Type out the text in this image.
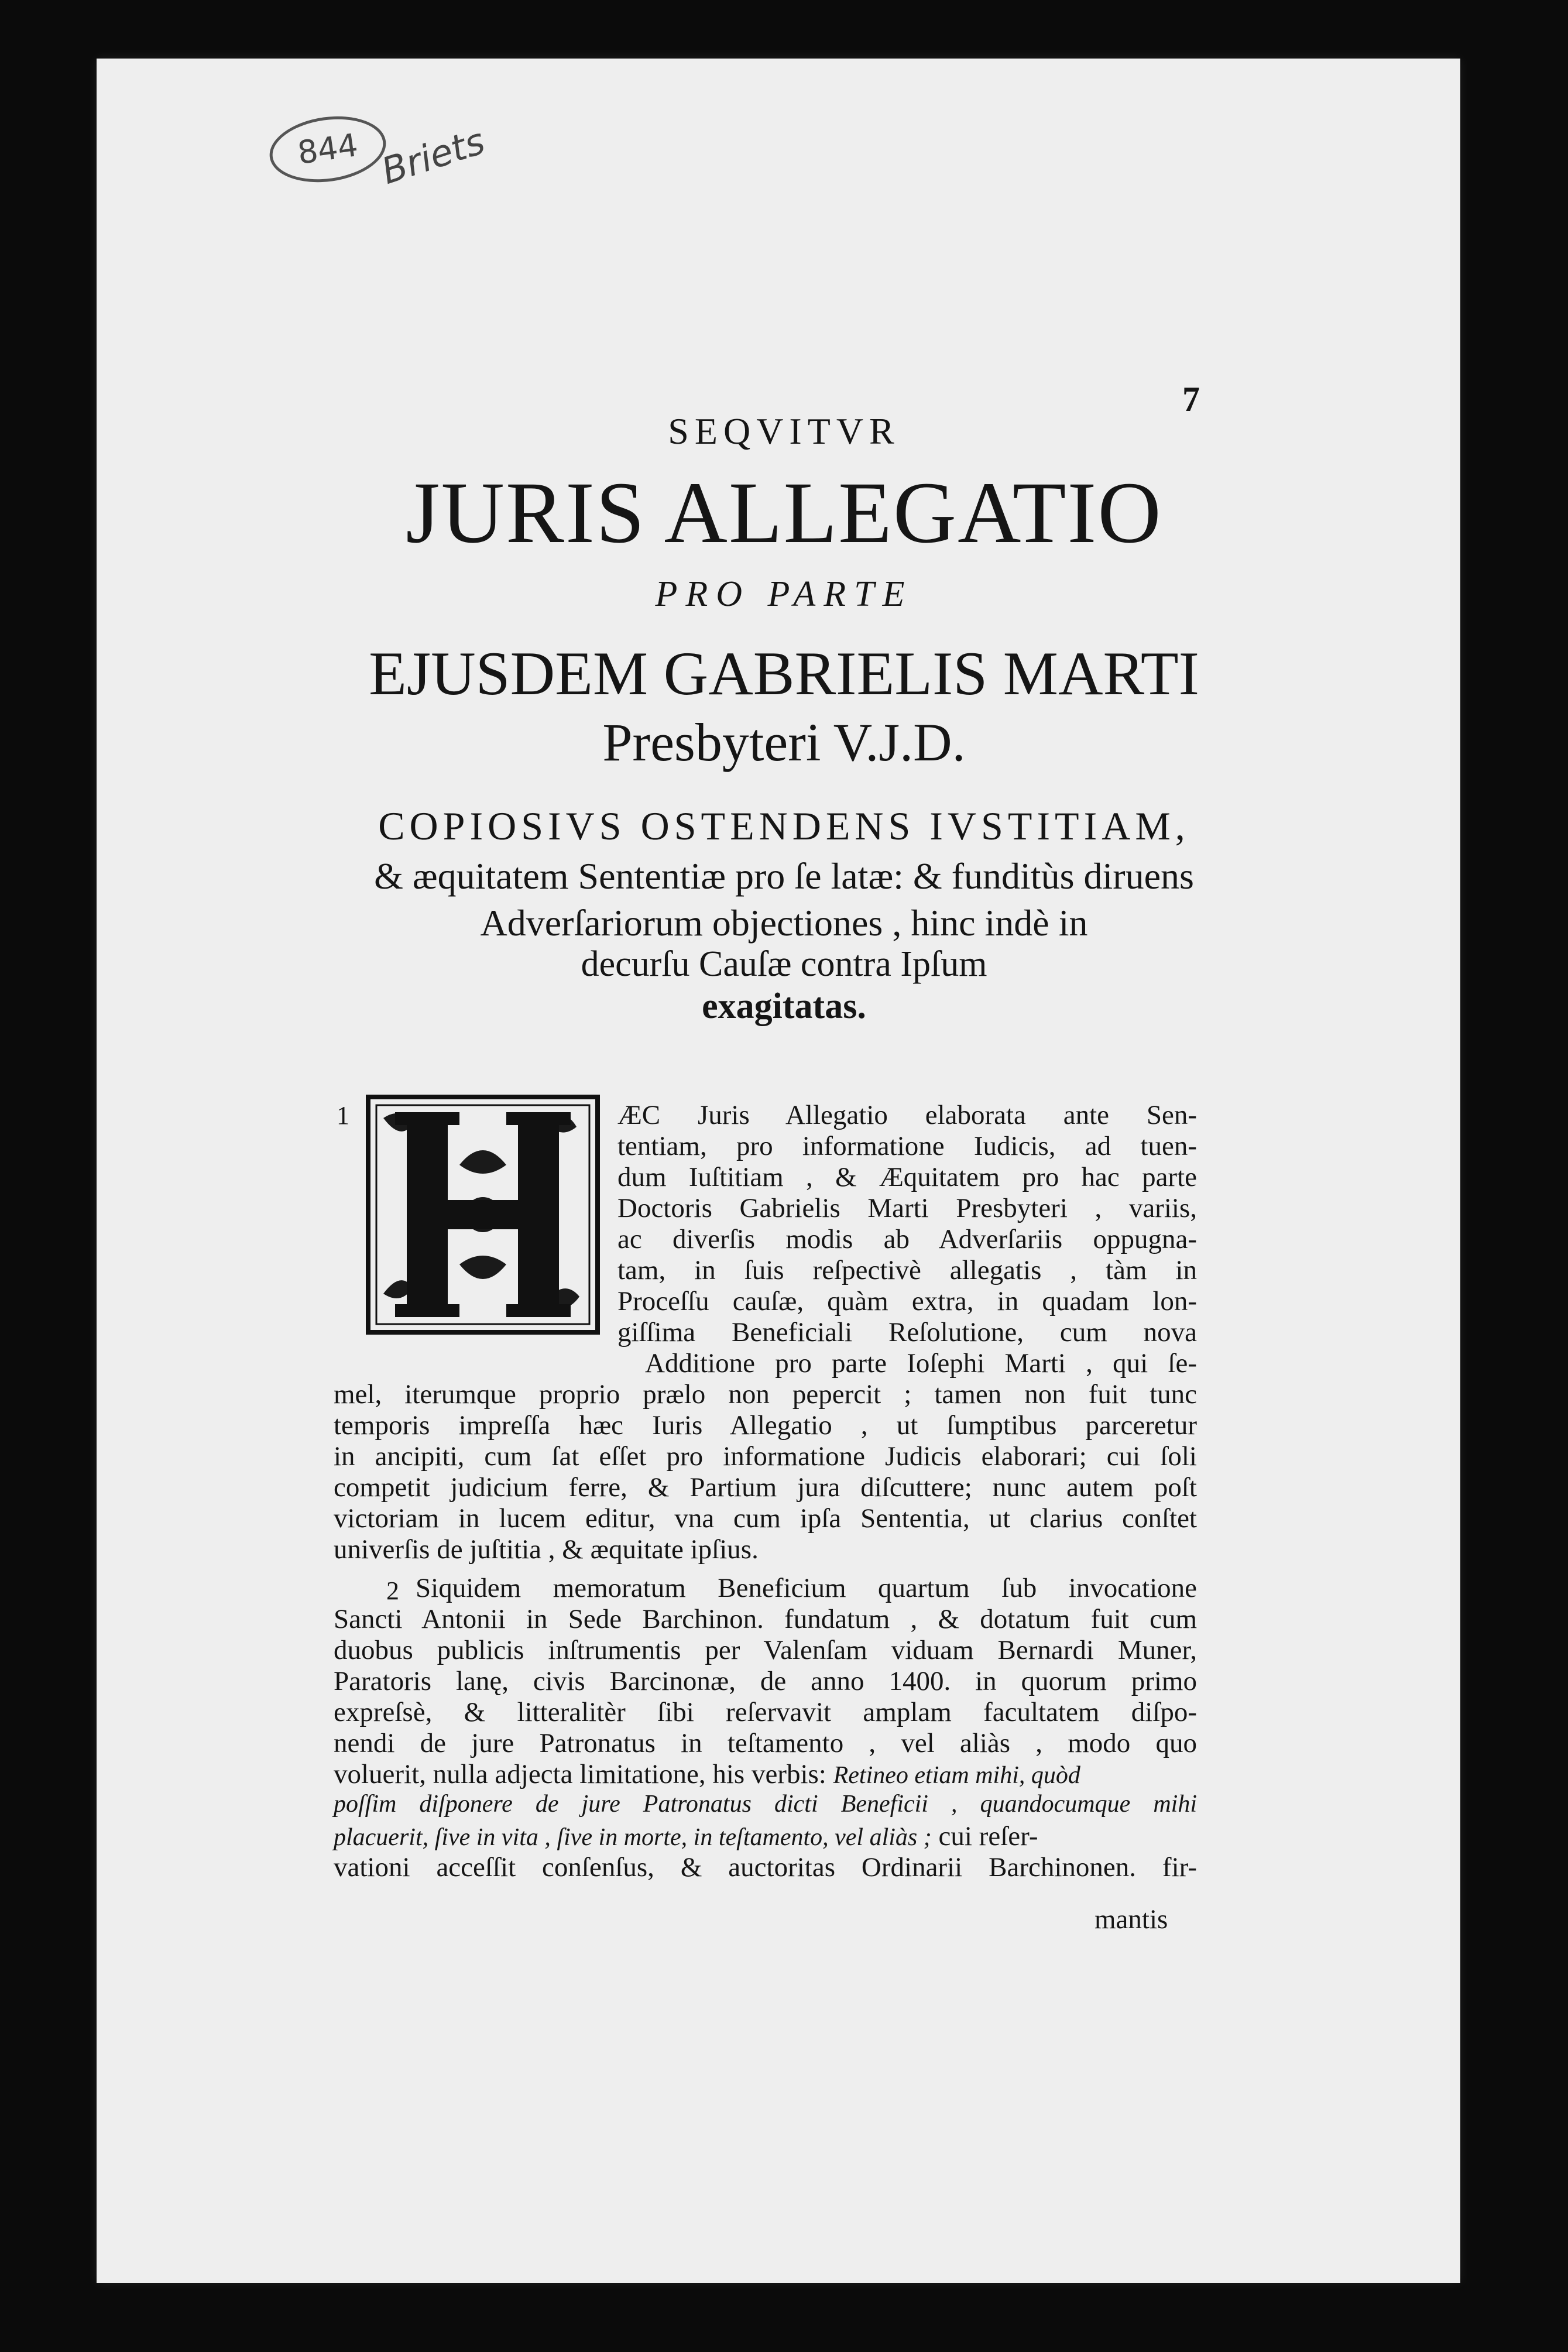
844 Briets
7
SEQVITVR
JURIS ALLEGATIO
PRO PARTE
EJUSDEM GABRIELIS MARTI
Presbyteri V.J.D.
COPIOSIVS OSTENDENS IVSTITIAM,
& æquitatem Sententiæ pro ſe latæ: & funditùs diruens
Adverſariorum objectiones , hinc indè in
decurſu Cauſæ contra Ipſum
exagitatas.
1
2
ÆC Juris Allegatio elaborata ante Sen-
tentiam, pro informatione Iudicis, ad tuen-
dum Iuſtitiam , & Æquitatem pro hac parte
Doctoris Gabrielis Marti Presbyteri , variis,
ac diverſis modis ab Adverſariis oppugna-
tam, in ſuis reſpectivè allegatis , tàm in
Proceſſu cauſæ, quàm extra, in quadam lon-
giſſima Beneficiali Reſolutione, cum nova
Additione pro parte Ioſephi Marti , qui ſe-
mel, iterumque proprio prælo non pepercit ; tamen non fuit tunc
temporis impreſſa hæc Iuris Allegatio , ut ſumptibus parceretur
in ancipiti, cum ſat eſſet pro informatione Judicis elaborari; cui ſoli
competit judicium ferre, & Partium jura diſcuttere; nunc autem poſt
victoriam in lucem editur, vna cum ipſa Sententia, ut clarius conſtet
univerſis de juſtitia , & æquitate ipſius.
Siquidem memoratum Beneficium quartum ſub invocatione
Sancti Antonii in Sede Barchinon. fundatum , & dotatum fuit cum
duobus publicis inſtrumentis per Valenſam viduam Bernardi Muner,
Paratoris lanę, civis Barcinonæ, de anno 1400. in quorum primo
expreſsè, & litteralitèr ſibi reſervavit amplam facultatem diſpo-
nendi de jure Patronatus in teſtamento , vel aliàs , modo quo
voluerit, nulla adjecta limitatione, his verbis: Retineo etiam mihi, quòd
poſſim diſponere de jure Patronatus dicti Beneficii , quandocumque mihi
placuerit, ſive in vita , ſive in morte, in teſtamento, vel aliàs ; cui reſer-
vationi acceſſit conſenſus, & auctoritas Ordinarii Barchinonen. fir-
mantis
